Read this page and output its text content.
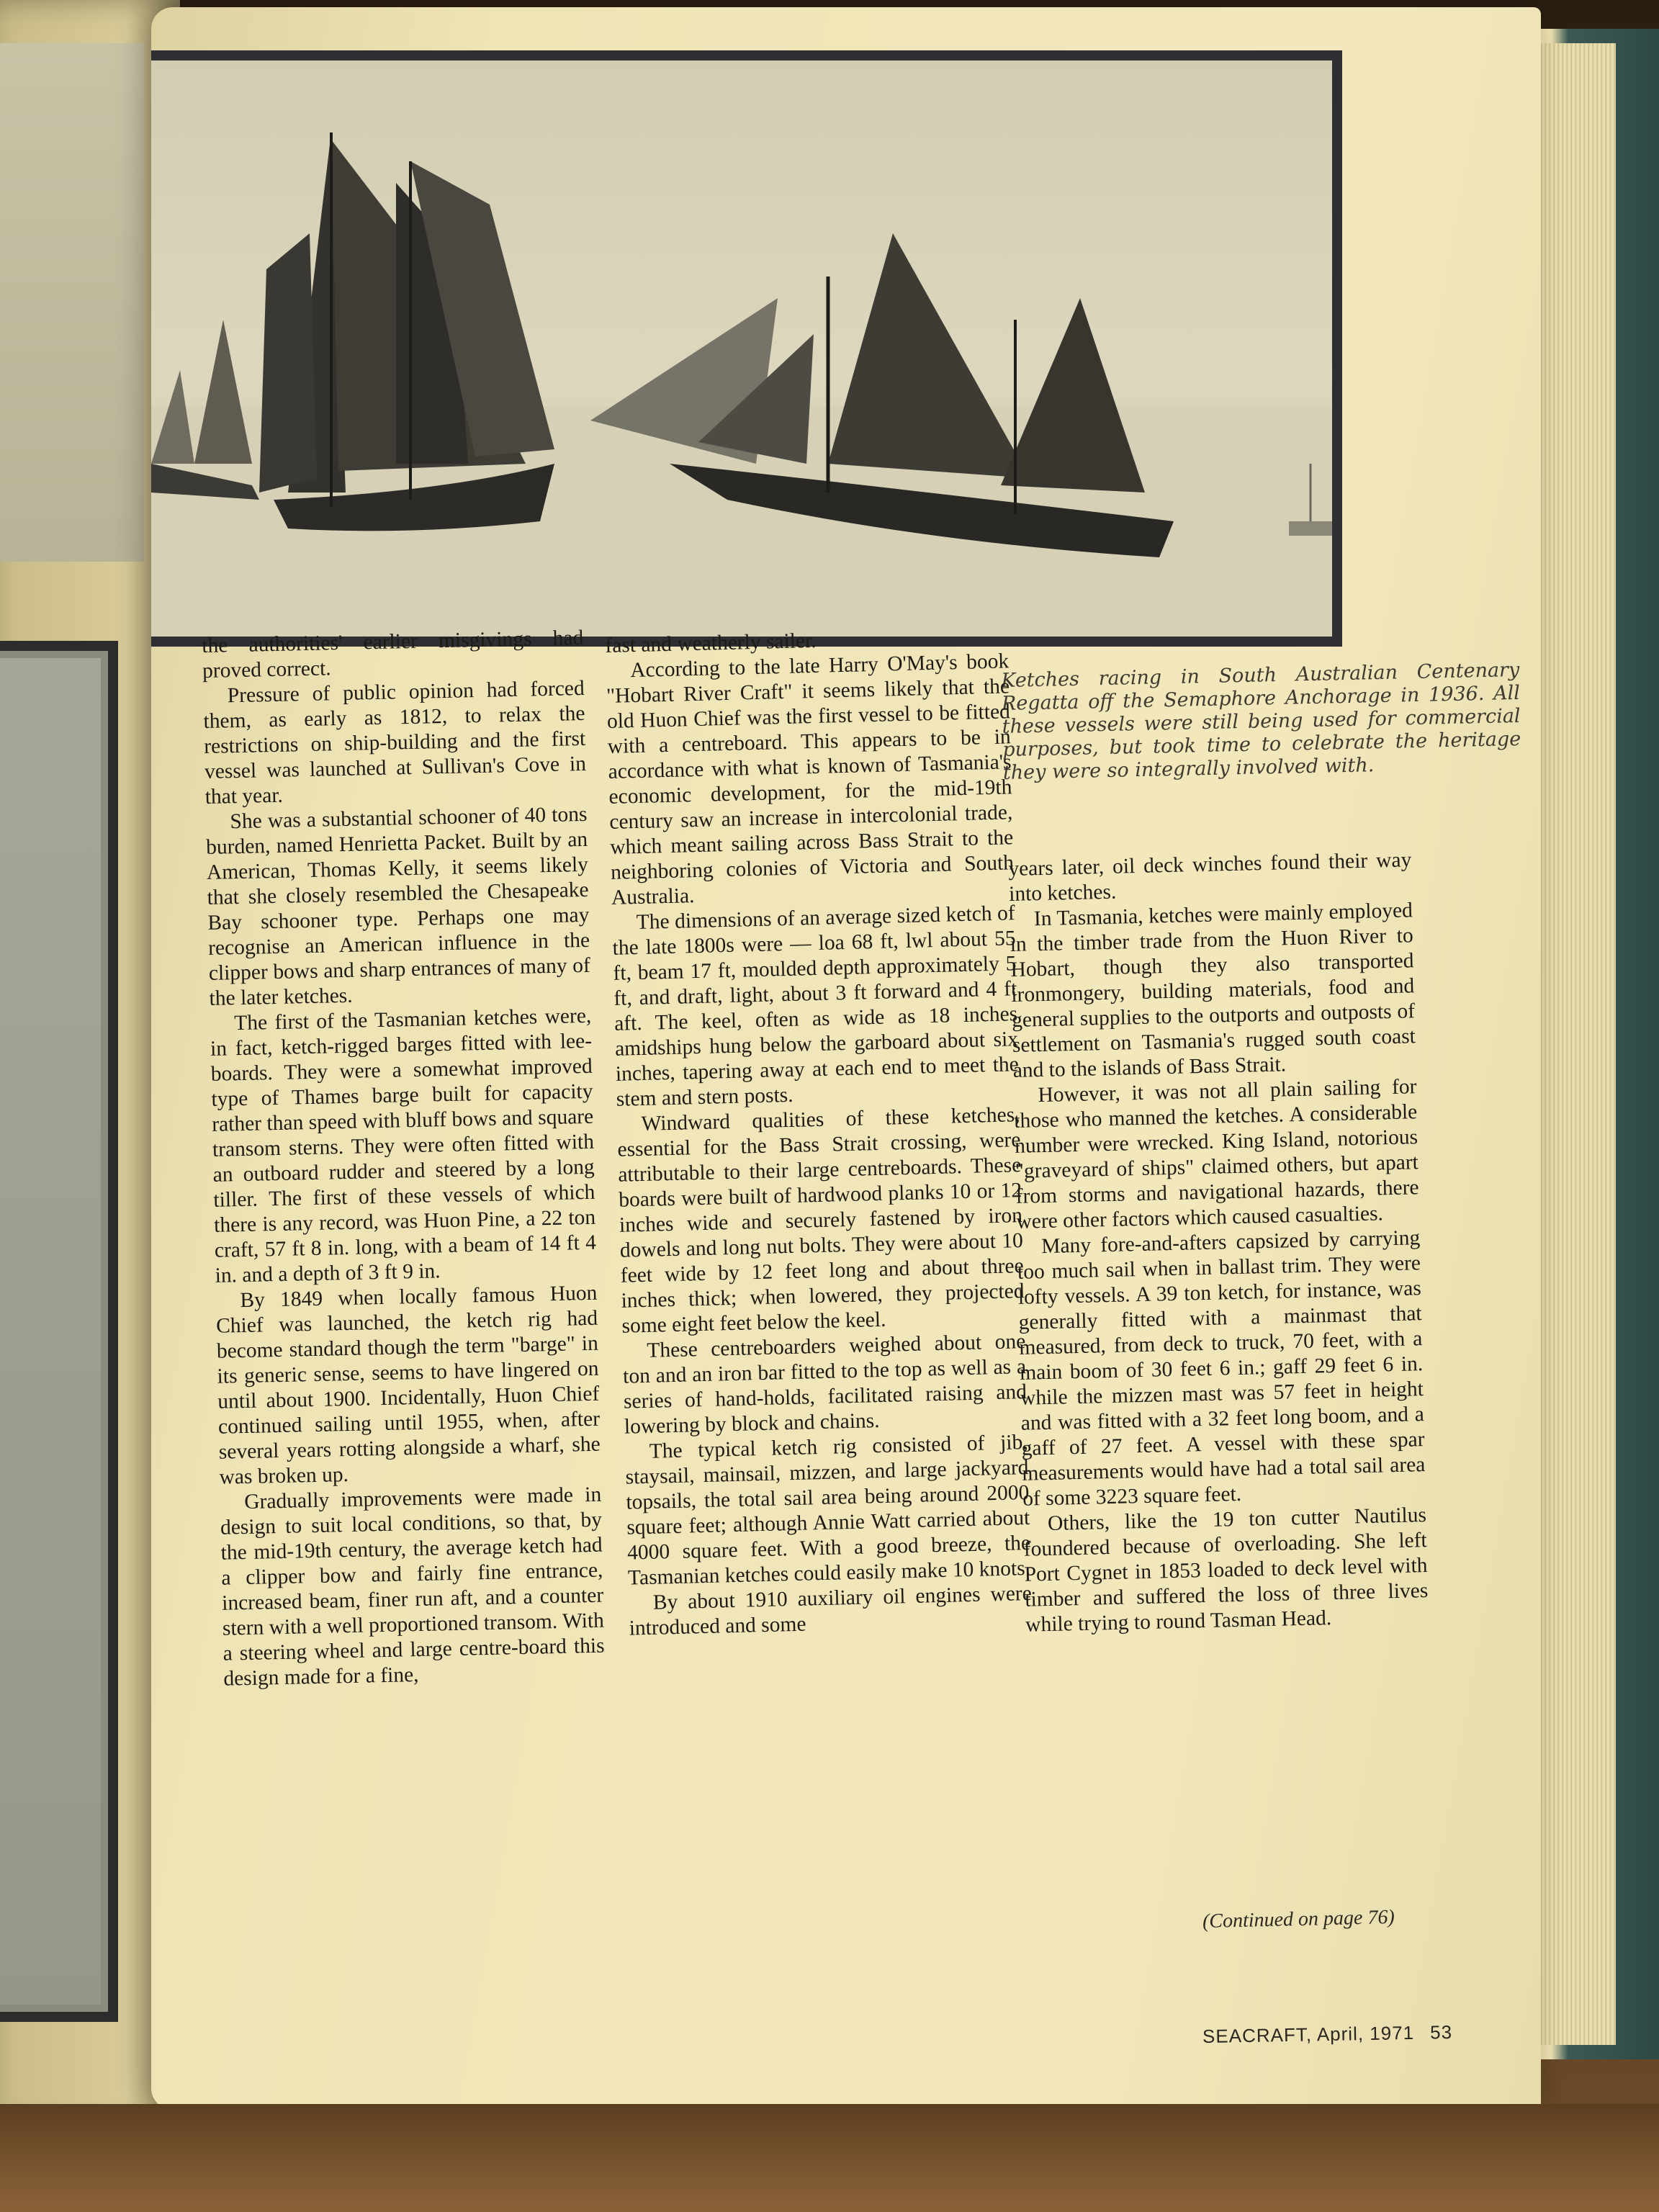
Ketches racing in South Australian Centenary Regatta off the Semaphore Anchorage in 1936. All these vessels were still being used for commercial purposes, but took time to celebrate the heritage they were so integrally involved with.

the authorities' earlier misgivings had proved correct.

Pressure of public opinion had forced them, as early as 1812, to relax the restrictions on ship-building and the first vessel was launched at Sullivan's Cove in that year.

She was a substantial schooner of 40 tons burden, named Henrietta Packet. Built by an American, Thomas Kelly, it seems likely that she closely resembled the Chesapeake Bay schooner type. Perhaps one may recognise an American influence in the clipper bows and sharp entrances of many of the later ketches.

The first of the Tasmanian ketches were, in fact, ketch-rigged barges fitted with lee-boards. They were a somewhat improved type of Thames barge built for capacity rather than speed with bluff bows and square transom sterns. They were often fitted with an outboard rudder and steered by a long tiller. The first of these vessels of which there is any record, was Huon Pine, a 22 ton craft, 57 ft 8 in. long, with a beam of 14 ft 4 in. and a depth of 3 ft 9 in.

By 1849 when locally famous Huon Chief was launched, the ketch rig had become standard though the term "barge" in its generic sense, seems to have lingered on until about 1900. Incidentally, Huon Chief continued sailing until 1955, when, after several years rotting alongside a wharf, she was broken up.

Gradually improvements were made in design to suit local conditions, so that, by the mid-19th century, the average ketch had a clipper bow and fairly fine entrance, increased beam, finer run aft, and a counter stern with a well proportioned transom. With a steering wheel and large centre-board this design made for a fine,

fast and weatherly sailer.

According to the late Harry O'May's book "Hobart River Craft" it seems likely that the old Huon Chief was the first vessel to be fitted with a centreboard. This appears to be in accordance with what is known of Tasmania's economic development, for the mid-19th century saw an increase in intercolonial trade, which meant sailing across Bass Strait to the neighboring colonies of Victoria and South Australia.

The dimensions of an average sized ketch of the late 1800s were — loa 68 ft, lwl about 55 ft, beam 17 ft, moulded depth approximately 5 ft, and draft, light, about 3 ft forward and 4 ft aft. The keel, often as wide as 18 inches amidships hung below the garboard about six inches, tapering away at each end to meet the stem and stern posts.

Windward qualities of these ketches, essential for the Bass Strait crossing, were attributable to their large centreboards. These boards were built of hardwood planks 10 or 12 inches wide and securely fastened by iron dowels and long nut bolts. They were about 10 feet wide by 12 feet long and about three inches thick; when lowered, they projected some eight feet below the keel.

These centreboarders weighed about one ton and an iron bar fitted to the top as well as a series of hand-holds, facilitated raising and lowering by block and chains.

The typical ketch rig consisted of jib, staysail, mainsail, mizzen, and large jackyard topsails, the total sail area being around 2000 square feet; although Annie Watt carried about 4000 square feet. With a good breeze, the Tasmanian ketches could easily make 10 knots.

By about 1910 auxiliary oil engines were introduced and some

years later, oil deck winches found their way into ketches.

In Tasmania, ketches were mainly employed in the timber trade from the Huon River to Hobart, though they also transported ironmongery, building materials, food and general supplies to the outports and outposts of settlement on Tasmania's rugged south coast and to the islands of Bass Strait.

However, it was not all plain sailing for those who manned the ketches. A considerable number were wrecked. King Island, notorious "graveyard of ships" claimed others, but apart from storms and navigational hazards, there were other factors which caused casualties.

Many fore-and-afters capsized by carrying too much sail when in ballast trim. They were lofty vessels. A 39 ton ketch, for instance, was generally fitted with a mainmast that measured, from deck to truck, 70 feet, with a main boom of 30 feet 6 in.; gaff 29 feet 6 in. while the mizzen mast was 57 feet in height and was fitted with a 32 feet long boom, and a gaff of 27 feet. A vessel with these spar measurements would have had a total sail area of some 3223 square feet.

Others, like the 19 ton cutter Nautilus foundered because of overloading. She left Port Cygnet in 1853 loaded to deck level with timber and suffered the loss of three lives while trying to round Tasman Head.

(Continued on page 76)
SEACRAFT, April, 1971 53
